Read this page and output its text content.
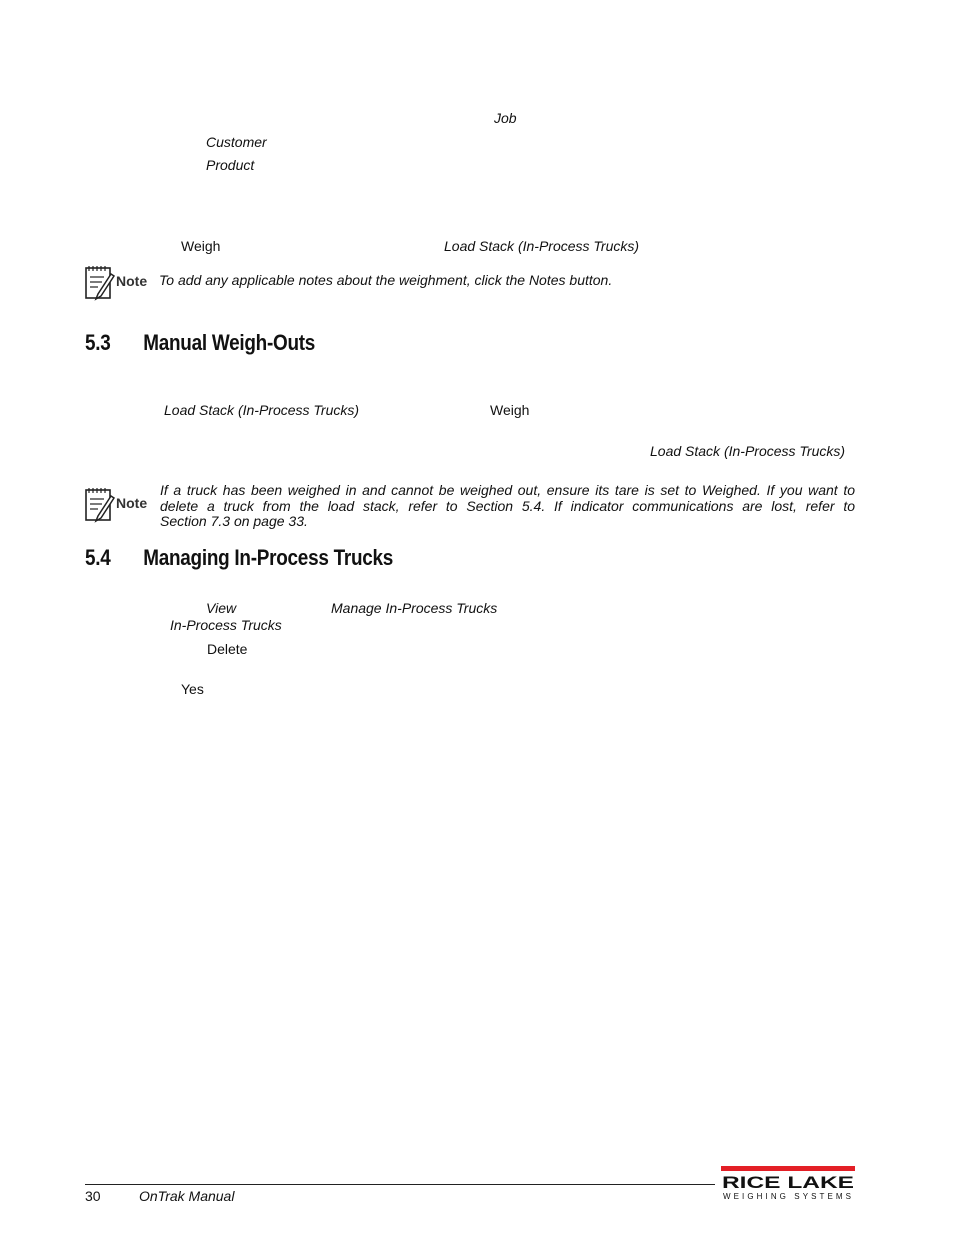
Job
Customer
Product
Weigh	Load Stack (In-Process Trucks)
Note To add any applicable notes about the weighment, click the Notes button.
5.3 Manual Weigh-Outs
Load Stack (In-Process Trucks)	Weigh
Load Stack (In-Process Trucks)
Note
If a truck has been weighed in and cannot be weighed out, ensure its tare is set to Weighed. If you want to
delete a truck from the load stack, refer to Section 5.4. If indicator communications are lost, refer to
Section 7.3 on page 33.
5.4 Managing In-Process Trucks
View	Manage In-Process Trucks
In-Process Trucks
Delete
Yes
30	OnTrak Manual
RICE LAKE
WEIGHING SYSTEMS
